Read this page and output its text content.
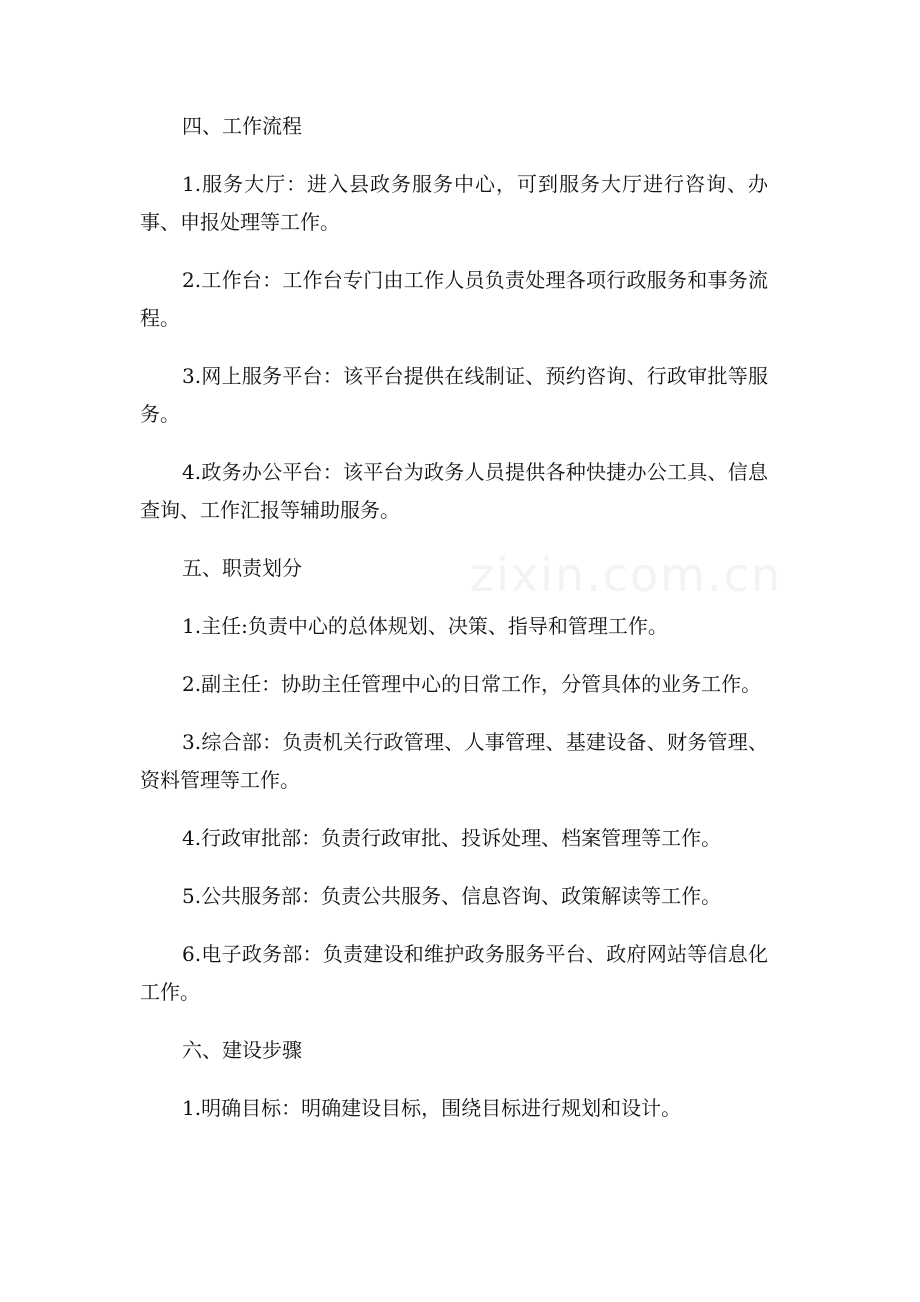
zixin.com.cn

四、工作流程

1.服务大厅：进入县政务服务中心，可到服务大厅进行咨询、办事、申报处理等工作。

2.工作台：工作台专门由工作人员负责处理各项行政服务和事务流程。

3.网上服务平台：该平台提供在线制证、预约咨询、行政审批等服务。

4.政务办公平台：该平台为政务人员提供各种快捷办公工具、信息查询、工作汇报等辅助服务。

五、职责划分

1.主任:负责中心的总体规划、决策、指导和管理工作。

2.副主任：协助主任管理中心的日常工作，分管具体的业务工作。

3.综合部：负责机关行政管理、人事管理、基建设备、财务管理、资料管理等工作。

4.行政审批部：负责行政审批、投诉处理、档案管理等工作。

5.公共服务部：负责公共服务、信息咨询、政策解读等工作。

6.电子政务部：负责建设和维护政务服务平台、政府网站等信息化工作。

六、建设步骤

1.明确目标：明确建设目标，围绕目标进行规划和设计。
